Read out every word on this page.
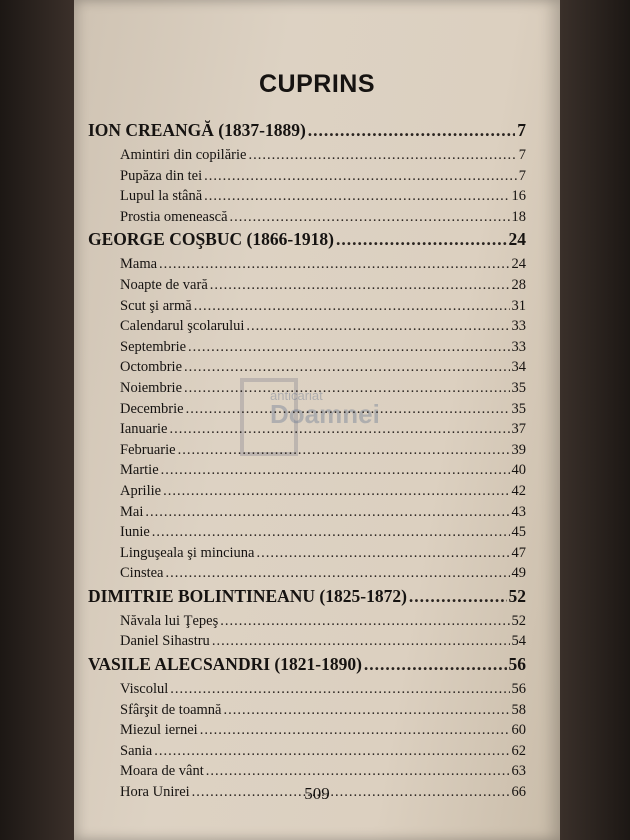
CUPRINS
anticariat
Doamnei
ION CREANGĂ (1837-1889) .....	7
Amintiri din copilărie .....	7
Pupăza din tei .....	7
Lupul la stână .....	16
Prostia omenească .....	18
GEORGE COŞBUC (1866-1918) .....	24
Mama .....	24
Noapte de vară .....	28
Scut şi armă .....	31
Calendarul şcolarului .....	33
Septembrie .....	33
Octombrie .....	34
Noiembrie .....	35
Decembrie .....	35
Ianuarie .....	37
Februarie .....	39
Martie .....	40
Aprilie .....	42
Mai .....	43
Iunie .....	45
Linguşeala şi minciuna .....	47
Cinstea .....	49
DIMITRIE BOLINTINEANU (1825-1872) .....	52
Năvala lui Ţepeş .....	52
Daniel Sihastru .....	54
VASILE ALECSANDRI (1821-1890) .....	56
Viscolul .....	56
Sfârşit de toamnă .....	58
Miezul iernei .....	60
Sania .....	62
Moara de vânt .....	63
Hora Unirei .....	66
509
